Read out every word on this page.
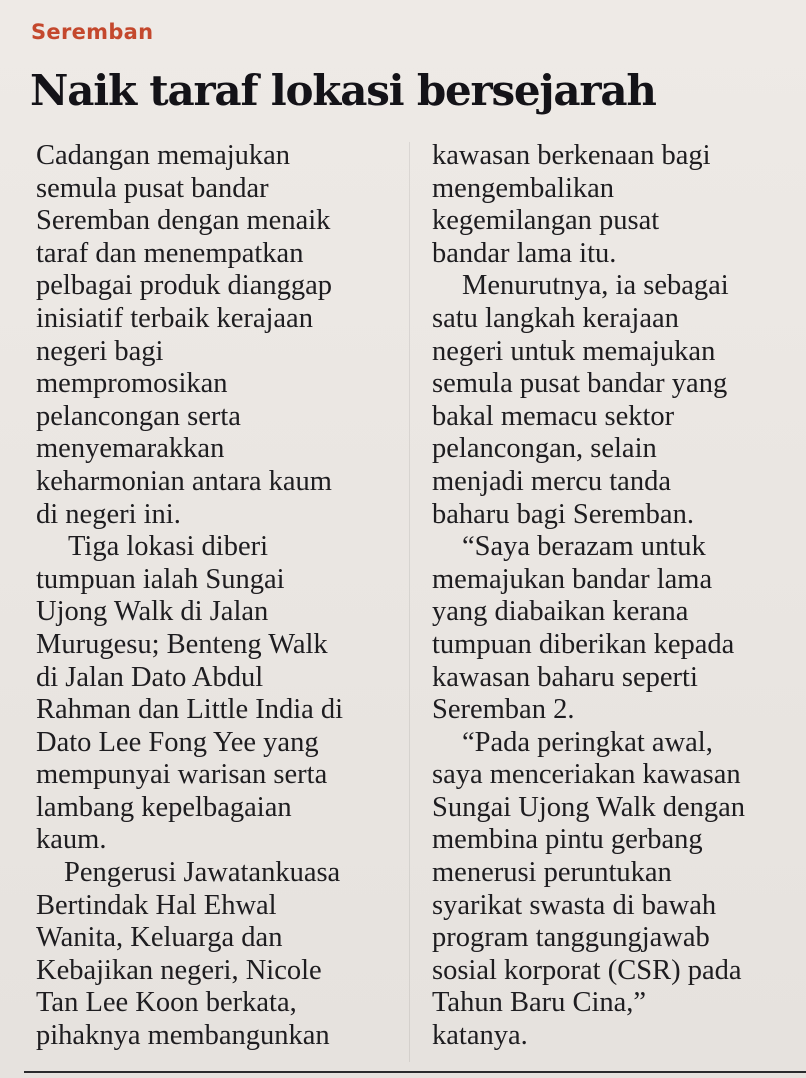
Seremban
Naik taraf lokasi bersejarah
Cadangan memajukan
semula pusat bandar
Seremban dengan menaik
taraf dan menempatkan
pelbagai produk dianggap
inisiatif terbaik kerajaan
negeri bagi
mempromosikan
pelancongan serta
menyemarakkan
keharmonian antara kaum
di negeri ini.
Tiga lokasi diberi
tumpuan ialah Sungai
Ujong Walk di Jalan
Murugesu; Benteng Walk
di Jalan Dato Abdul
Rahman dan Little India di
Dato Lee Fong Yee yang
mempunyai warisan serta
lambang kepelbagaian
kaum.
Pengerusi Jawatankuasa
Bertindak Hal Ehwal
Wanita, Keluarga dan
Kebajikan negeri, Nicole
Tan Lee Koon berkata,
pihaknya membangunkan
kawasan berkenaan bagi
mengembalikan
kegemilangan pusat
bandar lama itu.
Menurutnya, ia sebagai
satu langkah kerajaan
negeri untuk memajukan
semula pusat bandar yang
bakal memacu sektor
pelancongan, selain
menjadi mercu tanda
baharu bagi Seremban.
“Saya berazam untuk
memajukan bandar lama
yang diabaikan kerana
tumpuan diberikan kepada
kawasan baharu seperti
Seremban 2.
“Pada peringkat awal,
saya menceriakan kawasan
Sungai Ujong Walk dengan
membina pintu gerbang
menerusi peruntukan
syarikat swasta di bawah
program tanggungjawab
sosial korporat (CSR) pada
Tahun Baru Cina,”
katanya.
